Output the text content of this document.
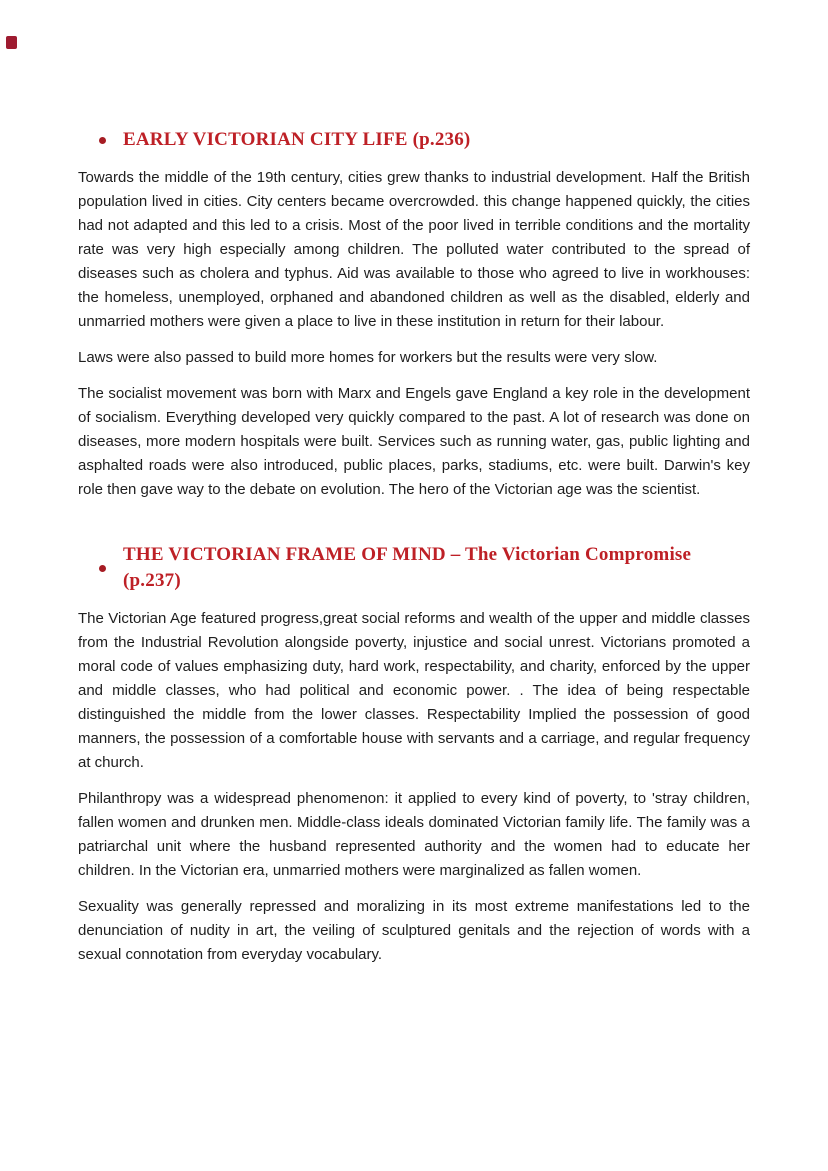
EARLY VICTORIAN CITY LIFE (p.236)

Towards the middle of the 19th century, cities grew thanks to industrial development. Half the British population lived in cities. City centers became overcrowded. this change happened quickly, the cities had not adapted and this led to a crisis. Most of the poor lived in terrible conditions and the mortality rate was very high especially among children. The polluted water contributed to the spread of diseases such as cholera and typhus. Aid was available to those who agreed to live in workhouses: the homeless, unemployed, orphaned and abandoned children as well as the disabled, elderly and unmarried mothers were given a place to live in these institution in return for their labour.

Laws were also passed to build more homes for workers but the results were very slow.

The socialist movement was born with Marx and Engels gave England a key role in the development of socialism. Everything developed very quickly compared to the past. A lot of research was done on diseases, more modern hospitals were built. Services such as running water, gas, public lighting and asphalted roads were also introduced, public places, parks, stadiums, etc. were built. Darwin's key role then gave way to the debate on evolution. The hero of the Victorian age was the scientist.

THE VICTORIAN FRAME OF MIND – The Victorian Compromise (p.237)

The Victorian Age featured progress,great social reforms and wealth of the upper and middle classes from the Industrial Revolution alongside poverty, injustice and social unrest. Victorians promoted a moral code of values emphasizing duty, hard work, respectability, and charity, enforced by the upper and middle classes, who had political and economic power. . The idea of being respectable distinguished the middle from the lower classes. Respectability Implied the possession of good manners, the possession of a comfortable house with servants and a carriage, and regular frequency at church.

Philanthropy was a widespread phenomenon: it applied to every kind of poverty, to 'stray children, fallen women and drunken men. Middle-class ideals dominated Victorian family life. The family was a patriarchal unit where the husband represented authority and the women had to educate her children. In the Victorian era, unmarried mothers were marginalized as fallen women.

Sexuality was generally repressed and moralizing in its most extreme manifestations led to the denunciation of nudity in art, the veiling of sculptured genitals and the rejection of words with a sexual connotation from everyday vocabulary.
